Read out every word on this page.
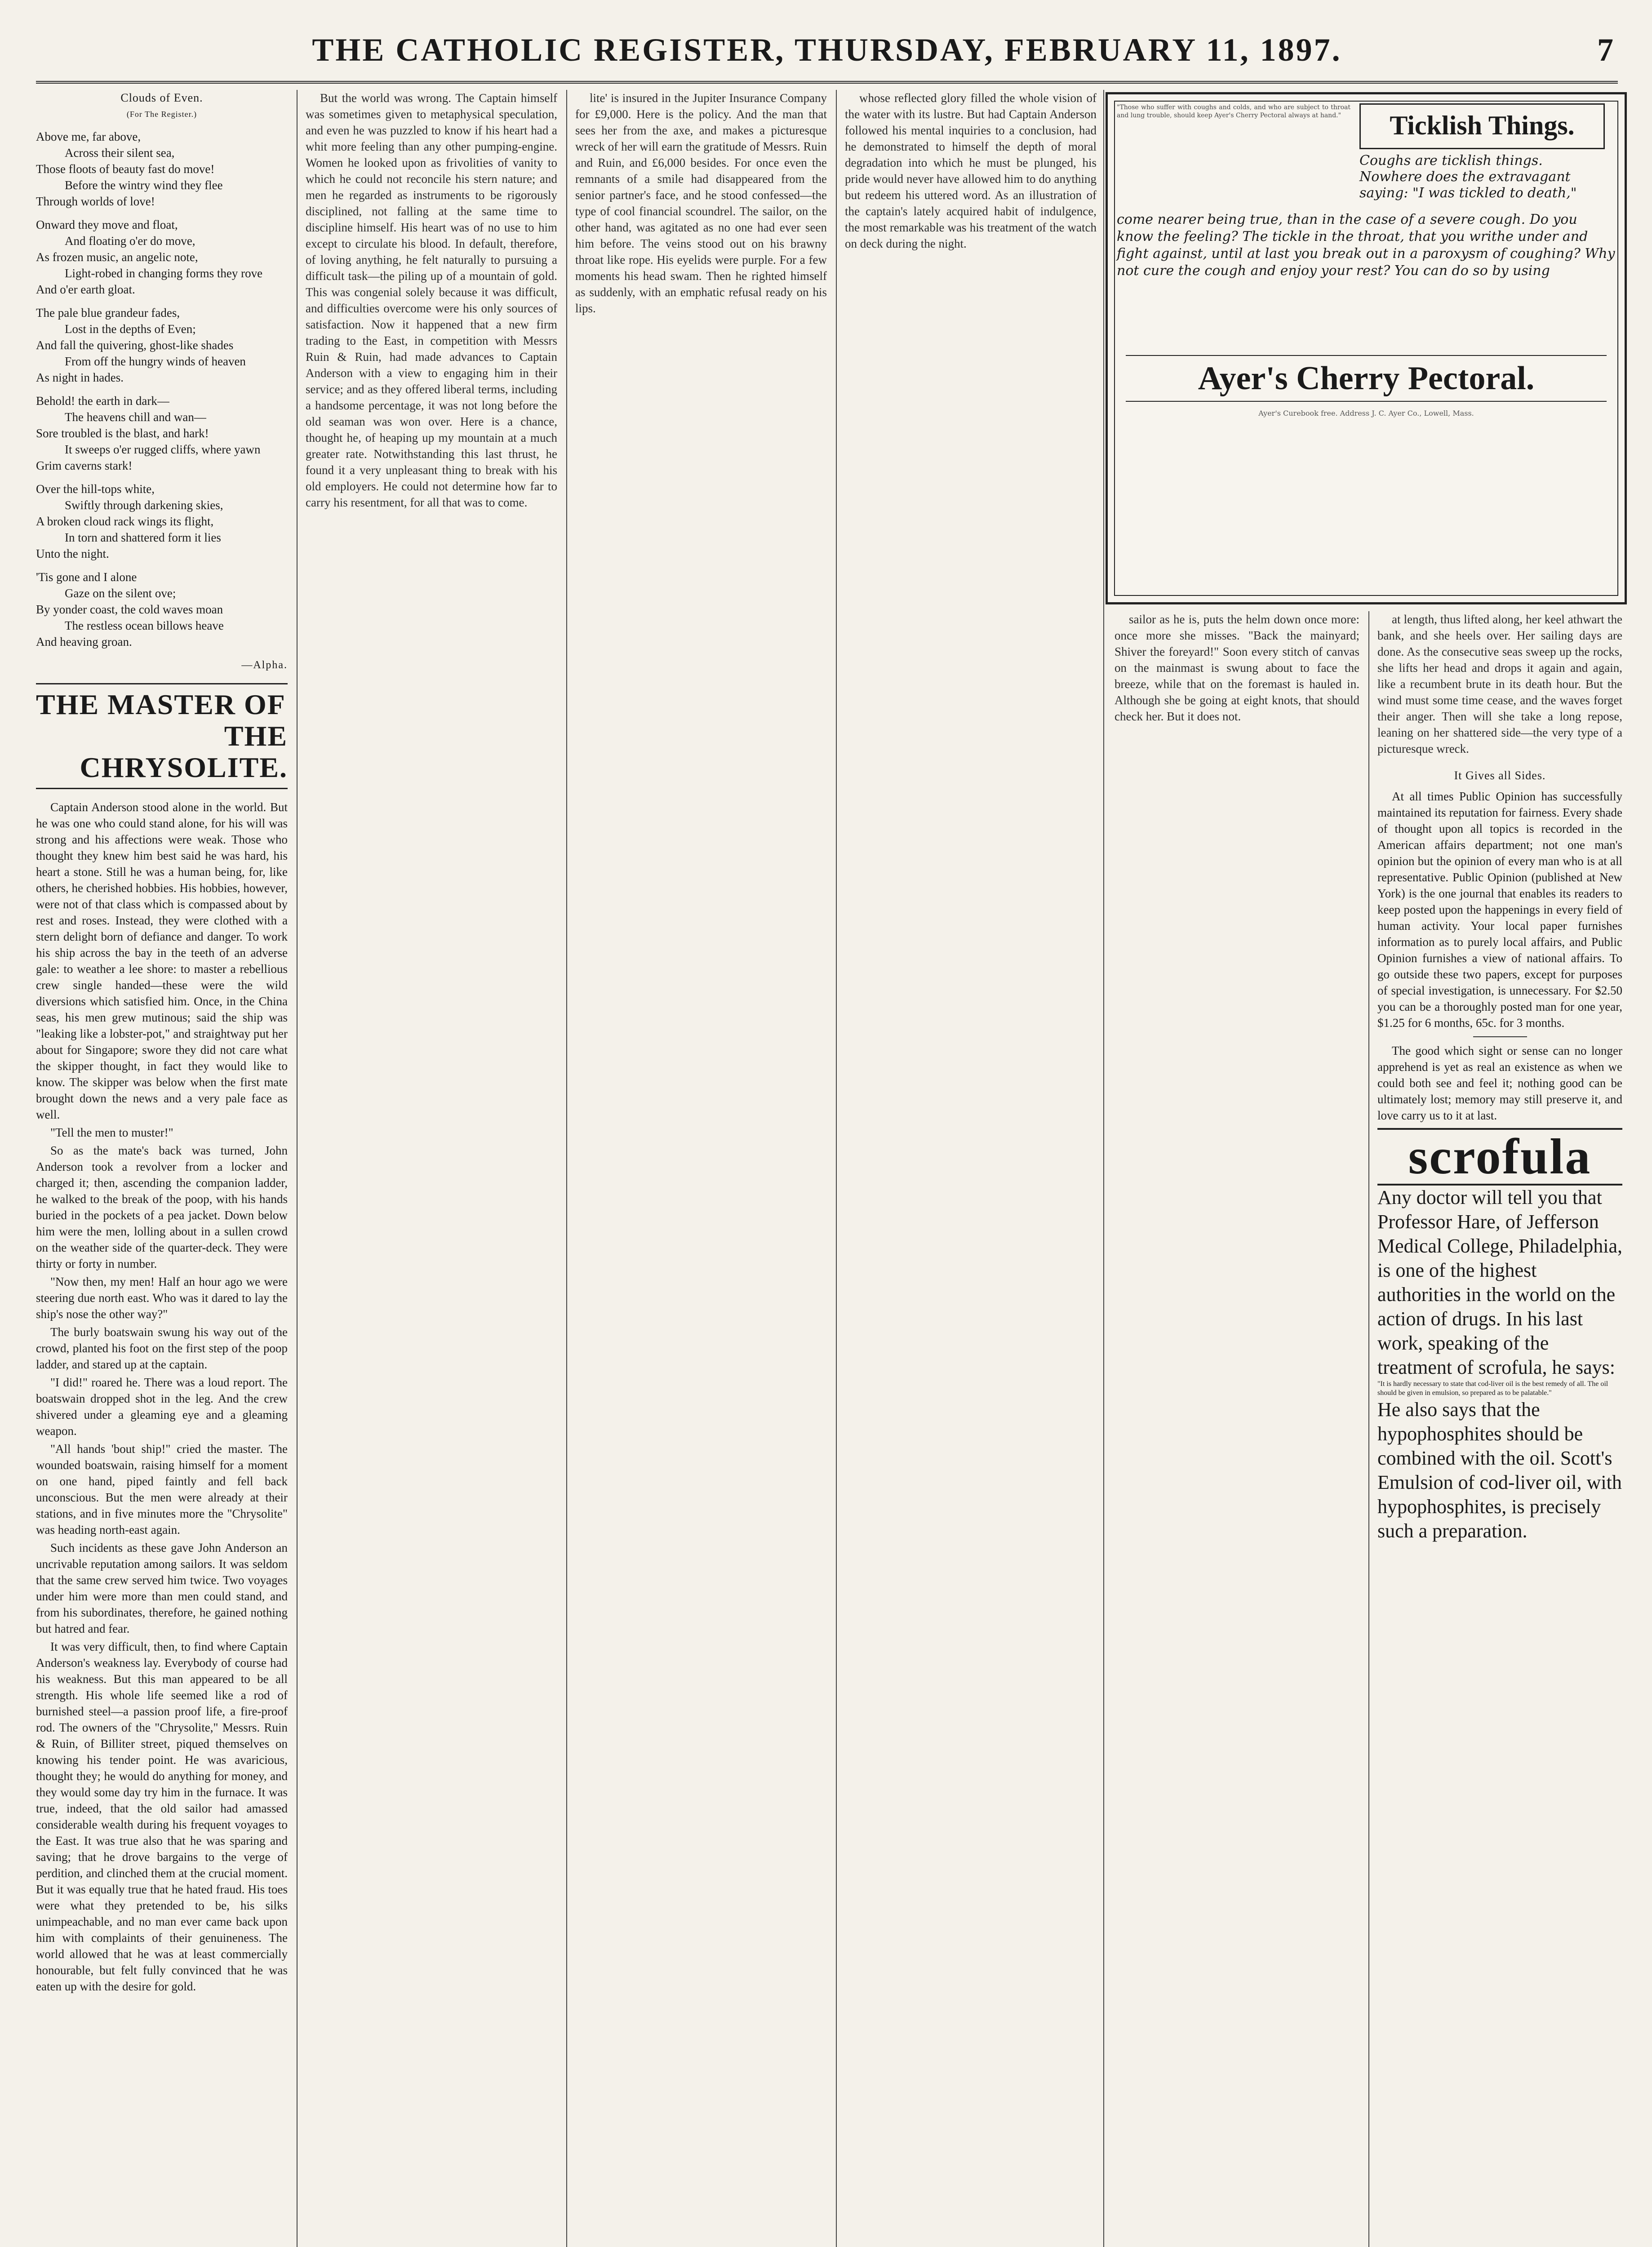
THE CATHOLIC REGISTER, THURSDAY, FEBRUARY 11, 1897.	7
Clouds of Even.
(For The Register.)
Above me, far above,
Across their silent sea,
Those floots of beauty fast do move!
Before the wintry wind they flee
Through worlds of love!
Onward they move and float,
And floating o'er do move,
As frozen music, an angelic note,
Light-robed in changing forms they rove
And o'er earth gloat.
The pale blue grandeur fades,
Lost in the depths of Even;
And fall the quivering, ghost-like shades
From off the hungry winds of heaven
As night in hades.
Behold! the earth in dark—
The heavens chill and wan—
Sore troubled is the blast, and hark!
It sweeps o'er rugged cliffs, where yawn
Grim caverns stark!
Over the hill-tops white,
Swiftly through darkening skies,
A broken cloud rack wings its flight,
In torn and shattered form it lies
Unto the night.
'Tis gone and I alone
Gaze on the silent ove;
By yonder coast, the cold waves moan
The restless ocean billows heave
And heaving groan.
—Alpha.
THE MASTER OF
THE CHRYSOLITE.

Captain Anderson stood alone in the world. But he was one who could stand alone, for his will was strong and his affections were weak. Those who thought they knew him best said he was hard, his heart a stone. Still he was a human being, for, like others, he cherished hobbies. His hobbies, however, were not of that class which is compassed about by rest and roses. Instead, they were clothed with a stern delight born of defiance and danger. To work his ship across the bay in the teeth of an adverse gale: to weather a lee shore: to master a rebellious crew single handed—these were the wild diversions which satisfied him. Once, in the China seas, his men grew mutinous; said the ship was "leaking like a lobster-pot," and straightway put her about for Singapore; swore they did not care what the skipper thought, in fact they would like to know. The skipper was below when the first mate brought down the news and a very pale face as well.

"Tell the men to muster!"

So as the mate's back was turned, John Anderson took a revolver from a locker and charged it; then, ascending the companion ladder, he walked to the break of the poop, with his hands buried in the pockets of a pea jacket. Down below him were the men, lolling about in a sullen crowd on the weather side of the quarter-deck. They were thirty or forty in number.

"Now then, my men! Half an hour ago we were steering due north east. Who was it dared to lay the ship's nose the other way?"

The burly boatswain swung his way out of the crowd, planted his foot on the first step of the poop ladder, and stared up at the captain.

"I did!" roared he. There was a loud report. The boatswain dropped shot in the leg. And the crew shivered under a gleaming eye and a gleaming weapon.

"All hands 'bout ship!" cried the master. The wounded boatswain, raising himself for a moment on one hand, piped faintly and fell back unconscious. But the men were already at their stations, and in five minutes more the "Chrysolite" was heading north-east again.

Such incidents as these gave John Anderson an uncrivable reputation among sailors. It was seldom that the same crew served him twice. Two voyages under him were more than men could stand, and from his subordinates, therefore, he gained nothing but hatred and fear.

It was very difficult, then, to find where Captain Anderson's weakness lay. Everybody of course had his weakness. But this man appeared to be all strength. His whole life seemed like a rod of burnished steel—a passion proof life, a fire-proof rod. The owners of the "Chrysolite," Messrs. Ruin & Ruin, of Billiter street, piqued themselves on knowing his tender point. He was avaricious, thought they; he would do anything for money, and they would some day try him in the furnace. It was true, indeed, that the old sailor had amassed considerable wealth during his frequent voyages to the East. It was true also that he was sparing and saving; that he drove bargains to the verge of perdition, and clinched them at the crucial moment. But it was equally true that he hated fraud. His toes were what they pretended to be, his silks unimpeachable, and no man ever came back upon him with complaints of their genuineness. The world allowed that he was at least commercially honourable, but felt fully convinced that he was eaten up with the desire for gold.

But the world was wrong. The Captain himself was sometimes given to metaphysical speculation, and even he was puzzled to know if his heart had a whit more feeling than any other pumping-engine. Women he looked upon as frivolities of vanity to which he could not reconcile his stern nature; and men he regarded as instruments to be rigorously disciplined, not falling at the same time to discipline himself. His heart was of no use to him except to circulate his blood. In default, therefore, of loving anything, he felt naturally to pursuing a difficult task—the piling up of a mountain of gold. This was congenial solely because it was difficult, and difficulties overcome were his only sources of satisfaction. Now it happened that a new firm trading to the East, in competition with Messrs Ruin & Ruin, had made advances to Captain Anderson with a view to engaging him in their service; and as they offered liberal terms, including a handsome percentage, it was not long before the old seaman was won over. Here is a chance, thought he, of heaping up my mountain at a much greater rate. Notwithstanding this last thrust, he found it a very unpleasant thing to break with his old employers. He could not determine how far to carry his resentment, for all that was to come.

lite' is insured in the Jupiter Insurance Company for £9,000. Here is the policy. And the man that sees her from the axe, and makes a picturesque wreck of her will earn the gratitude of Messrs. Ruin and Ruin, and £6,000 besides. For once even the remnants of a smile had disappeared from the senior partner's face, and he stood confessed—the type of cool financial scoundrel. The sailor, on the other hand, was agitated as no one had ever seen him before. The veins stood out on his brawny throat like rope. His eyelids were purple. For a few moments his head swam. Then he righted himself as suddenly, with an emphatic refusal ready on his lips.

whose reflected glory filled the whole vision of the water with its lustre. But had Captain Anderson followed his mental inquiries to a conclusion, had he demonstrated to himself the depth of moral degradation into which he must be plunged, his pride would never have allowed him to do anything but redeem his uttered word. As an illustration of the captain's lately acquired habit of indulgence, the most remarkable was his treatment of the watch on deck during the night.

"Those who suffer with coughs and colds, and who are subject to throat and lung trouble, should keep Ayer's Cherry Pectoral always at hand."	Ticklish Things.
Coughs are ticklish things. Nowhere does the extravagant saying: "I was tickled to death,"
come nearer being true, than in the case of a severe cough. Do you know the feeling? The tickle in the throat, that you writhe under and fight against, until at last you break out in a paroxysm of coughing? Why not cure the cough and enjoy your rest? You can do so by using
Ayer's Cherry Pectoral.
Ayer's Curebook free. Address J. C. Ayer Co., Lowell, Mass.

sailor as he is, puts the helm down once more: once more she misses. "Back the mainyard; Shiver the foreyard!" Soon every stitch of canvas on the mainmast is swung about to face the breeze, while that on the foremast is hauled in. Although she be going at eight knots, that should check her. But it does not.

at length, thus lifted along, her keel athwart the bank, and she heels over. Her sailing days are done. As the consecutive seas sweep up the rocks, she lifts her head and drops it again and again, like a recumbent brute in its death hour. But the wind must some time cease, and the waves forget their anger. Then will she take a long repose, leaning on her shattered side—the very type of a picturesque wreck.

It Gives all Sides.

At all times Public Opinion has successfully maintained its reputation for fairness. Every shade of thought upon all topics is recorded in the American affairs department; not one man's opinion but the opinion of every man who is at all representative. Public Opinion (published at New York) is the one journal that enables its readers to keep posted upon the happenings in every field of human activity. Your local paper furnishes information as to purely local affairs, and Public Opinion furnishes a view of national affairs. To go outside these two papers, except for purposes of special investigation, is unnecessary. For $2.50 you can be a thoroughly posted man for one year, $1.25 for 6 months, 65c. for 3 months.

The good which sight or sense can no longer apprehend is yet as real an existence as when we could both see and feel it; nothing good can be ultimately lost; memory may still preserve it, and love carry us to it at last.

scrofula
Any doctor will tell you that Professor Hare, of Jefferson Medical College, Philadelphia, is one of the highest authorities in the world on the action of drugs. In his last work, speaking of the treatment of scrofula, he says:
"It is hardly necessary to state that cod-liver oil is the best remedy of all. The oil should be given in emulsion, so prepared as to be palatable."
He also says that the hypophosphites should be combined with the oil. Scott's Emulsion of cod-liver oil, with hypophosphites, is precisely such a preparation.
